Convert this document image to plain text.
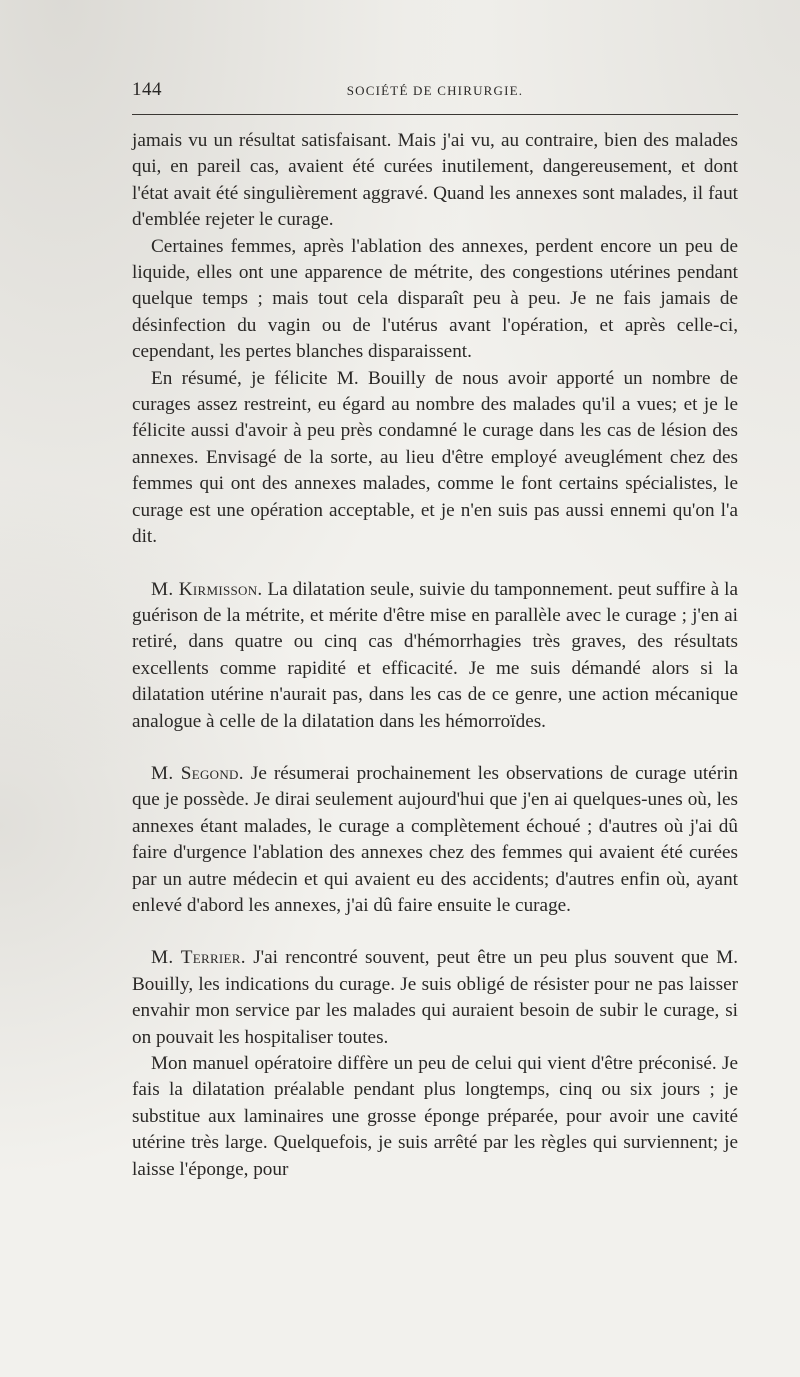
144	SOCIÉTÉ DE CHIRURGIE.

jamais vu un résultat satisfaisant. Mais j'ai vu, au contraire, bien des malades qui, en pareil cas, avaient été curées inutilement, dangereusement, et dont l'état avait été singulièrement aggravé. Quand les annexes sont malades, il faut d'emblée rejeter le curage.

Certaines femmes, après l'ablation des annexes, perdent encore un peu de liquide, elles ont une apparence de métrite, des congestions utérines pendant quelque temps ; mais tout cela disparaît peu à peu. Je ne fais jamais de désinfection du vagin ou de l'utérus avant l'opération, et après celle-ci, cependant, les pertes blanches disparaissent.

En résumé, je félicite M. Bouilly de nous avoir apporté un nombre de curages assez restreint, eu égard au nombre des malades qu'il a vues; et je le félicite aussi d'avoir à peu près condamné le curage dans les cas de lésion des annexes. Envisagé de la sorte, au lieu d'être employé aveuglément chez des femmes qui ont des annexes malades, comme le font certains spécialistes, le curage est une opération acceptable, et je n'en suis pas aussi ennemi qu'on l'a dit.

M. Kirmisson. La dilatation seule, suivie du tamponnement. peut suffire à la guérison de la métrite, et mérite d'être mise en parallèle avec le curage ; j'en ai retiré, dans quatre ou cinq cas d'hémorrhagies très graves, des résultats excellents comme rapidité et efficacité. Je me suis démandé alors si la dilatation utérine n'aurait pas, dans les cas de ce genre, une action mécanique analogue à celle de la dilatation dans les hémorroïdes.

M. Segond. Je résumerai prochainement les observations de curage utérin que je possède. Je dirai seulement aujourd'hui que j'en ai quelques-unes où, les annexes étant malades, le curage a complètement échoué ; d'autres où j'ai dû faire d'urgence l'ablation des annexes chez des femmes qui avaient été curées par un autre médecin et qui avaient eu des accidents; d'autres enfin où, ayant enlevé d'abord les annexes, j'ai dû faire ensuite le curage.

M. Terrier. J'ai rencontré souvent, peut être un peu plus souvent que M. Bouilly, les indications du curage. Je suis obligé de résister pour ne pas laisser envahir mon service par les malades qui auraient besoin de subir le curage, si on pouvait les hospitaliser toutes.

Mon manuel opératoire diffère un peu de celui qui vient d'être préconisé. Je fais la dilatation préalable pendant plus longtemps, cinq ou six jours ; je substitue aux laminaires une grosse éponge préparée, pour avoir une cavité utérine très large. Quelquefois, je suis arrêté par les règles qui surviennent; je laisse l'éponge, pour
